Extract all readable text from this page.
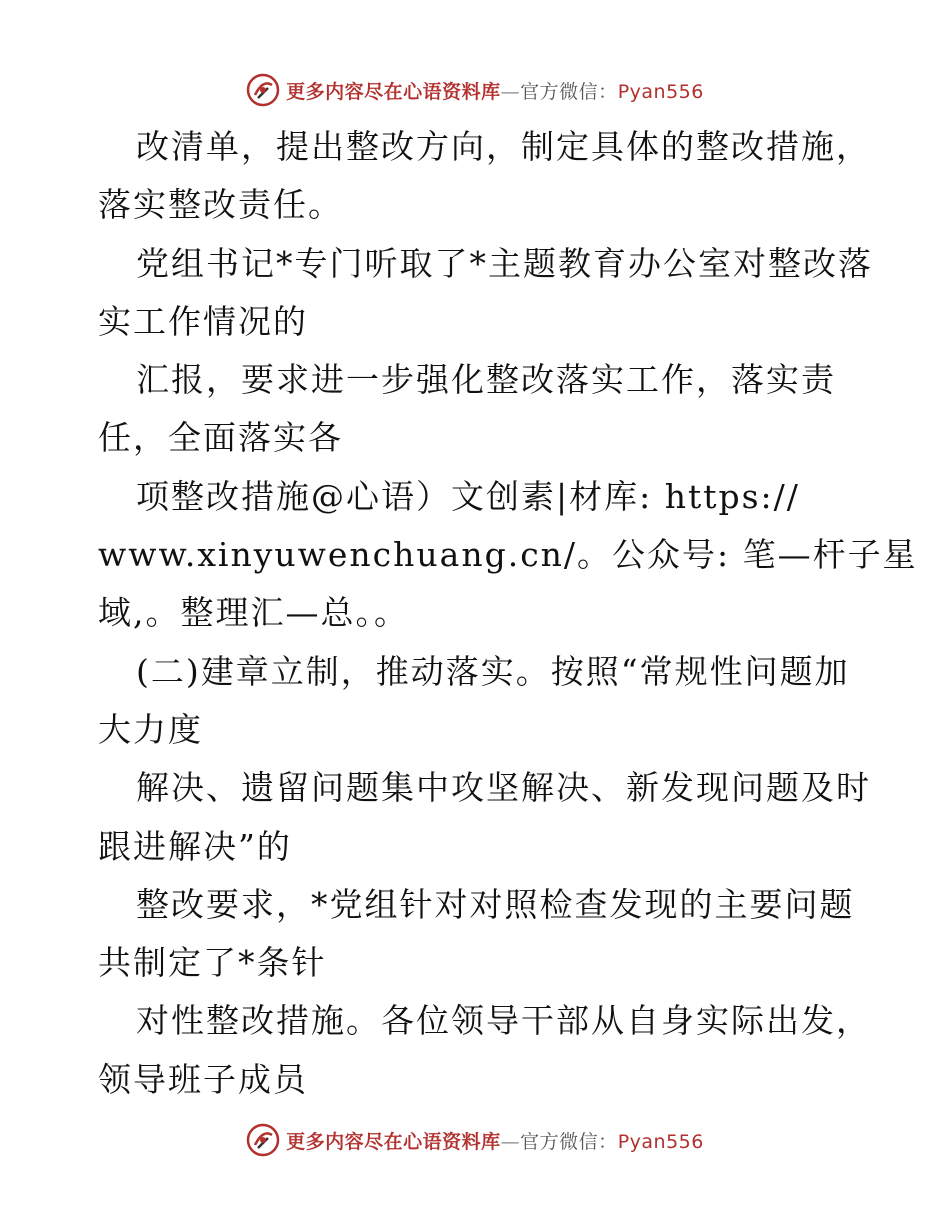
更多内容尽在心语资料库—官方微信：Pyan556
改清单，提出整改方向，制定具体的整改措施，
落实整改责任。
党组书记*专门听取了*主题教育办公室对整改落
实工作情况的
汇报，要求进一步强化整改落实工作，落实责
任，全面落实各
项整改措施@心语）文创素|材库: https://
www.xinyuwenchuang.cn/。公众号: 笔—杆子星
域,。整理汇—总。。
(二)建章立制，推动落实。按照“常规性问题加
大力度
解决、遗留问题集中攻坚解决、新发现问题及时
跟进解决”的
整改要求，*党组针对对照检查发现的主要问题
共制定了*条针
对性整改措施。各位领导干部从自身实际出发，
领导班子成员
更多内容尽在心语资料库—官方微信：Pyan556
